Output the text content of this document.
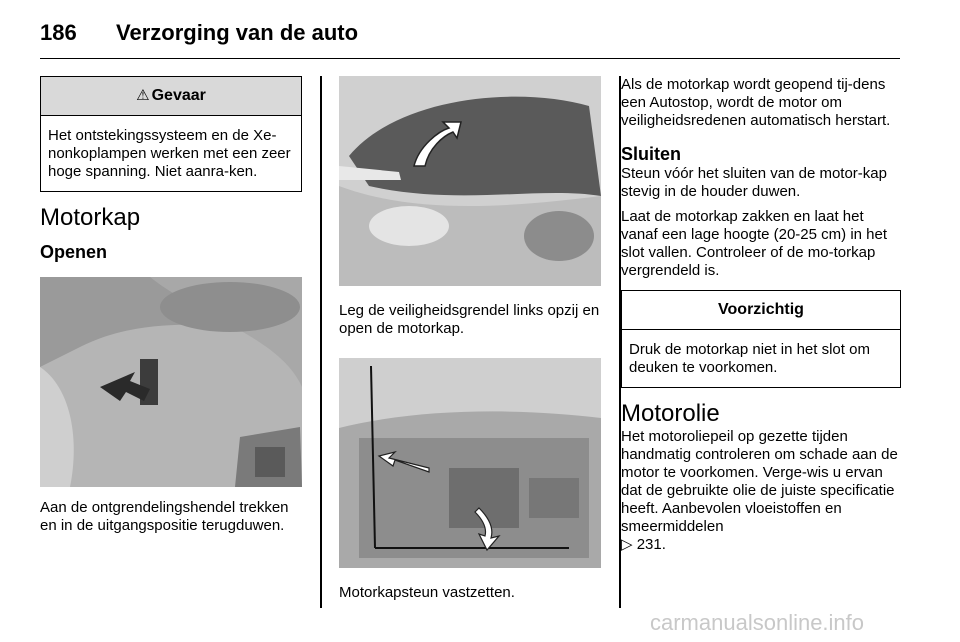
186 Verzorging van de auto
⚠ Gevaar
Het ontstekingssysteem en de Xe-nonkoplampen werken met een zeer hoge spanning. Niet aanra-ken.
Motorkap
Openen

Aan de ontgrendelingshendel trekken en in de uitgangspositie terugduwen.

Leg de veiligheidsgrendel links opzij en open de motorkap.

Motorkapsteun vastzetten.

Als de motorkap wordt geopend tij-dens een Autostop, wordt de motor om veiligheidsredenen automatisch herstart.

Sluiten

Steun vóór het sluiten van de motor-kap stevig in de houder duwen.

Laat de motorkap zakken en laat het vanaf een lage hoogte (20-25 cm) in het slot vallen. Controleer of de mo-torkap vergrendeld is.

Voorzichtig
Druk de motorkap niet in het slot om deuken te voorkomen.
Motorolie

Het motoroliepeil op gezette tijden handmatig controleren om schade aan de motor te voorkomen. Verge-wis u ervan dat de gebruikte olie de juiste specificatie heeft. Aanbevolen vloeistoffen en smeermiddelen
▷ 231.

carmanualsonline.info
